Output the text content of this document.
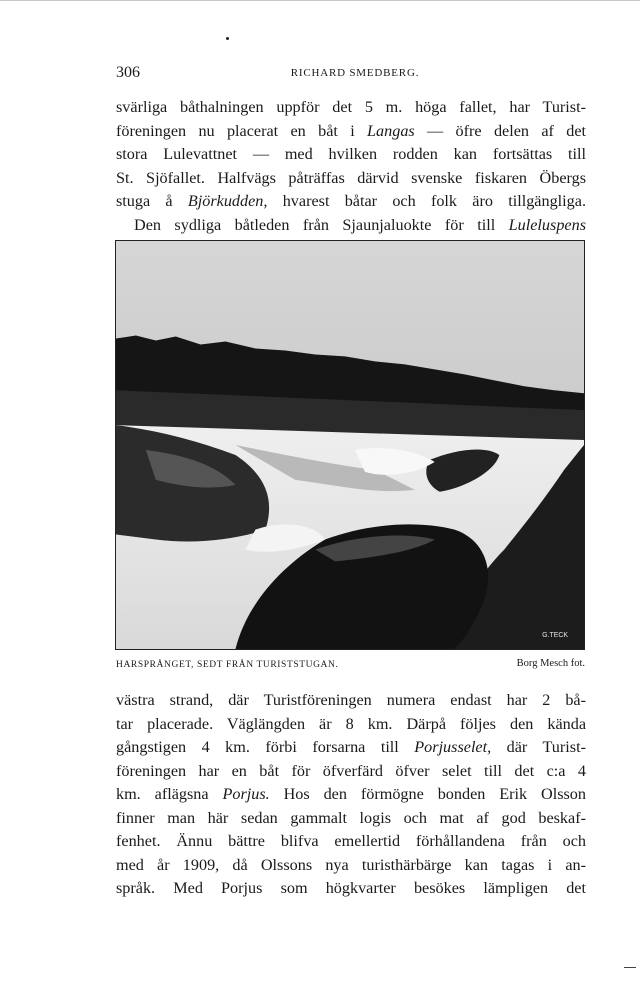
306	RICHARD SMEDBERG.
svärliga båthalningen uppför det 5 m. höga fallet, har Turist-
föreningen nu placerat en båt i Langas — öfre delen af det
stora Lulevattnet — med hvilken rodden kan fortsättas till
St. Sjöfallet. Halfvägs påträffas därvid svenske fiskaren Öbergs
stuga å Björkudden, hvarest båtar och folk äro tillgängliga.
Den sydliga båtleden från Sjaunjaluokte för till Luleluspens
G.TECK
HARSPRÅNGET, SEDT FRÅN TURISTSTUGAN.	Borg Mesch fot.
västra strand, där Turistföreningen numera endast har 2 bå-
tar placerade. Väglängden är 8 km. Därpå följes den kända
gångstigen 4 km. förbi forsarna till Porjusselet, där Turist-
föreningen har en båt för öfverfärd öfver selet till det c:a 4
km. aflägsna Porjus. Hos den förmögne bonden Erik Olsson
finner man här sedan gammalt logis och mat af god beskaf-
fenhet. Ännu bättre blifva emellertid förhållandena från och
med år 1909, då Olssons nya turisthärbärge kan tagas i an-
språk. Med Porjus som högkvarter besökes lämpligen det
